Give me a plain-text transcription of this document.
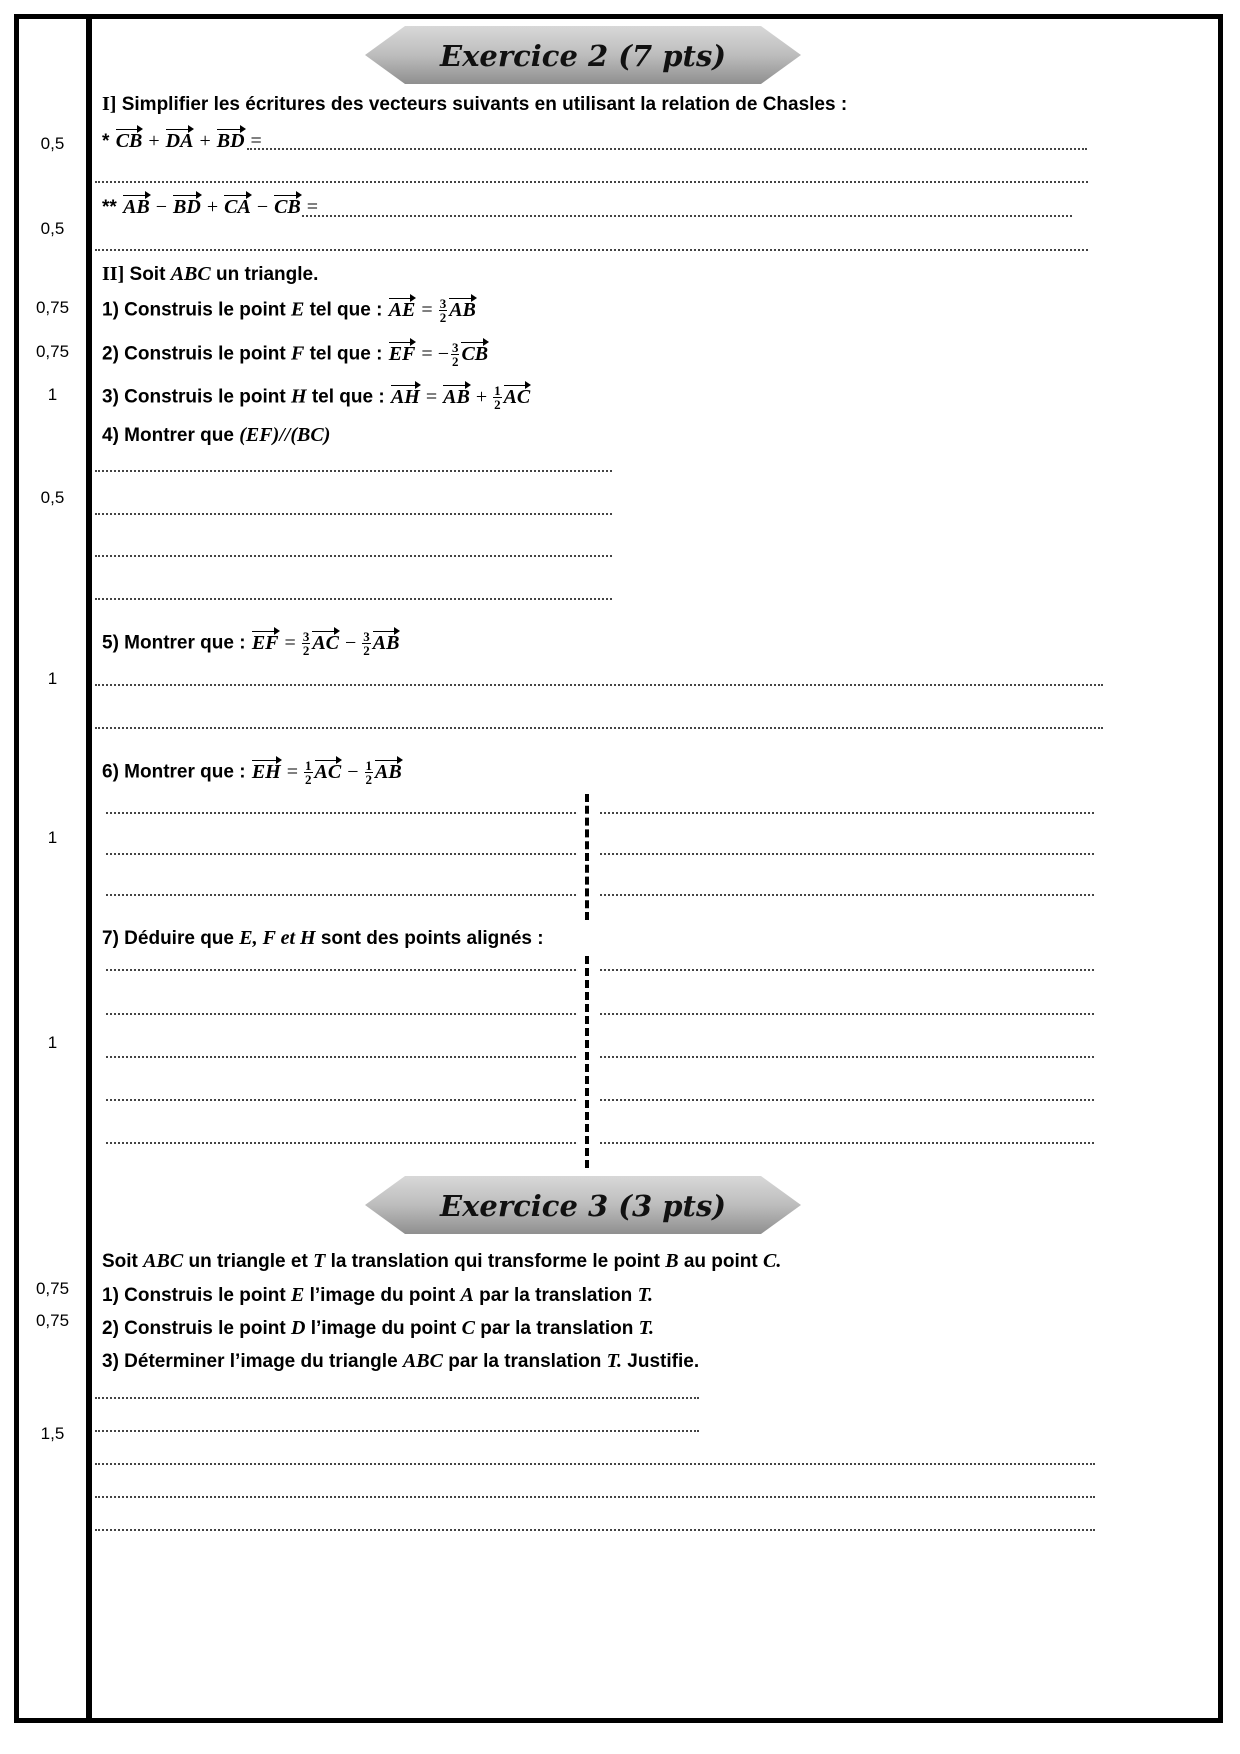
Exercice 2 (7 pts)
0,5
0,5
0,75
0,75
1
0,5
1
1
1
0,75
0,75
1,5
I] Simplifier les écritures des vecteurs suivants en utilisant la relation de Chasles :
* CB + DA + BD =
** AB − BD + CA − CB =
II] Soit ABC un triangle.
1) Construis le point E tel que : AE = $\frac{3}{2}$ AB
2) Construis le point F tel que : EF = − $\frac{3}{2}$ CB
3) Construis le point H tel que : AH = AB + $\frac{1}{2}$ AC
4) Montrer que (EF)//(BC)
5) Montrer que : EF = $\frac{3}{2}$ AC − $\frac{3}{2}$ AB
6) Montrer que : EH = $\frac{1}{2}$ AC − $\frac{1}{2}$ AB
7) Déduire que E, F et H sont des points alignés :
Exercice 3 (3 pts)
Soit ABC un triangle et T la translation qui transforme le point B au point C.
1) Construis le point E l’image du point A par la translation T.
2) Construis le point D l’image du point C par la translation T.
3) Déterminer l’image du triangle ABC par la translation T. Justifie.
